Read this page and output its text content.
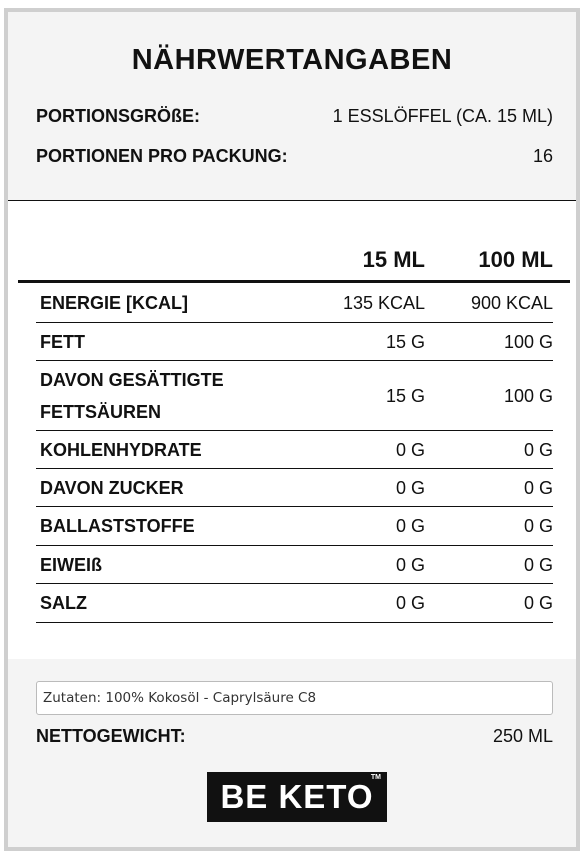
NÄHRWERTANGABEN
PORTIONSGRÖßE:	1 ESSLÖFFEL (CA. 15 ML)
PORTIONEN PRO PACKUNG:	16
15 ML	100 ML
ENERGIE [KCAL]	135 KCAL	900 KCAL
FETT	15 G	100 G
DAVON GESÄTTIGTE
FETTSÄUREN
15 G	100 G
KOHLENHYDRATE	0 G	0 G
DAVON ZUCKER	0 G	0 G
BALLASTSTOFFE	0 G	0 G
EIWEIß	0 G	0 G
SALZ	0 G	0 G
Zutaten: 100% Kokosöl - Caprylsäure C8
NETTOGEWICHT:	250 ML
BE KETO
TM
